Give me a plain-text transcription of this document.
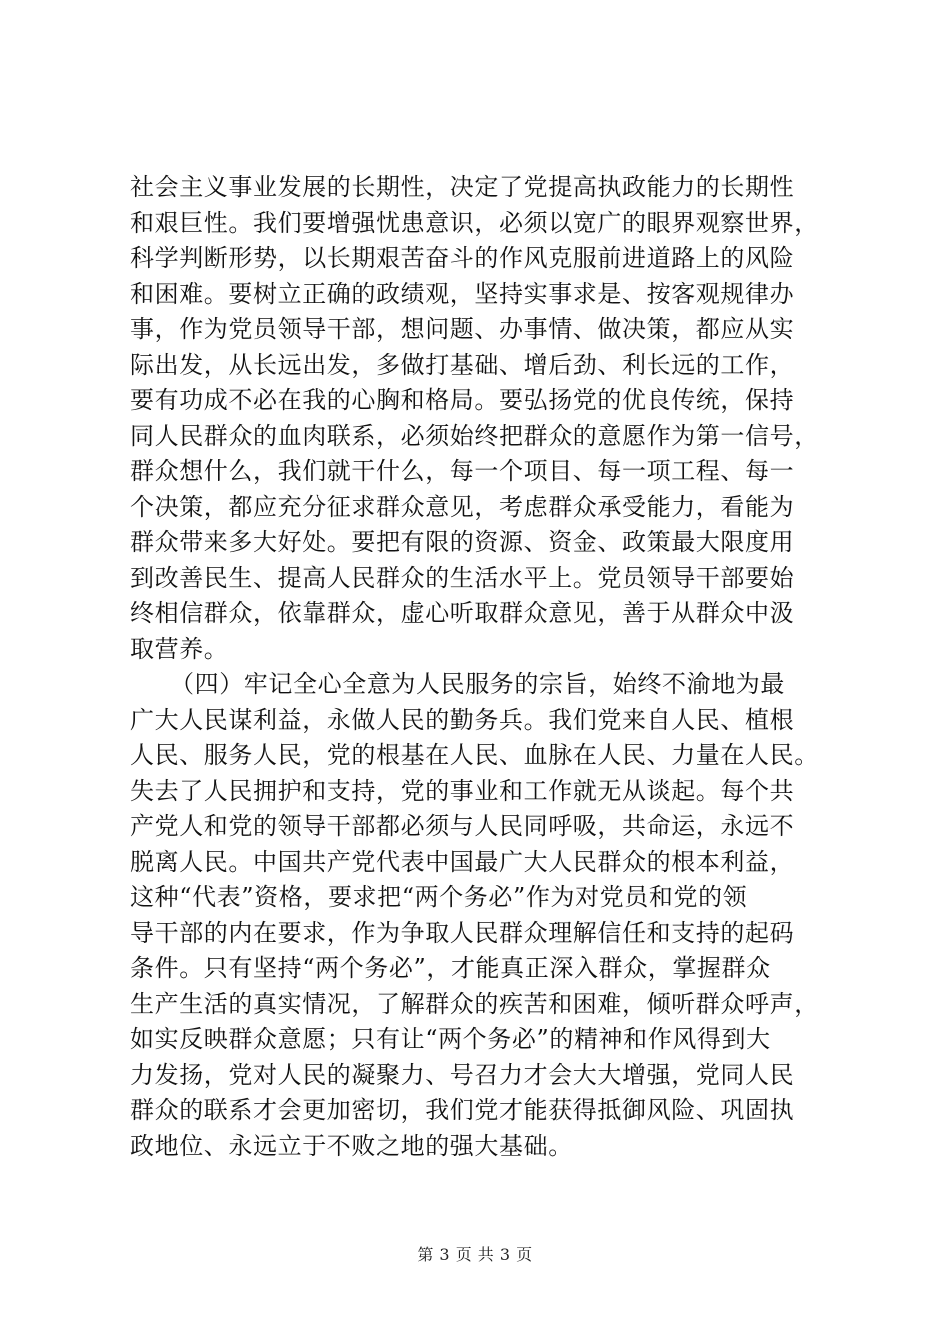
社会主义事业发展的长期性，决定了党提高执政能力的长期性
和艰巨性。我们要增强忧患意识，必须以宽广的眼界观察世界，
科学判断形势，以长期艰苦奋斗的作风克服前进道路上的风险
和困难。要树立正确的政绩观，坚持实事求是、按客观规律办
事，作为党员领导干部，想问题、办事情、做决策，都应从实
际出发，从长远出发，多做打基础、增后劲、利长远的工作，
要有功成不必在我的心胸和格局。要弘扬党的优良传统，保持
同人民群众的血肉联系，必须始终把群众的意愿作为第一信号，
群众想什么，我们就干什么，每一个项目、每一项工程、每一
个决策，都应充分征求群众意见，考虑群众承受能力，看能为
群众带来多大好处。要把有限的资源、资金、政策最大限度用
到改善民生、提高人民群众的生活水平上。党员领导干部要始
终相信群众，依靠群众，虚心听取群众意见，善于从群众中汲
取营养。
（四）牢记全心全意为人民服务的宗旨，始终不渝地为最
广大人民谋利益，永做人民的勤务兵。我们党来自人民、植根
人民、服务人民，党的根基在人民、血脉在人民、力量在人民。
失去了人民拥护和支持，党的事业和工作就无从谈起。每个共
产党人和党的领导干部都必须与人民同呼吸，共命运，永远不
脱离人民。中国共产党代表中国最广大人民群众的根本利益，
这种“代表”资格，要求把“两个务必”作为对党员和党的领
导干部的内在要求，作为争取人民群众理解信任和支持的起码
条件。只有坚持“两个务必”，才能真正深入群众，掌握群众
生产生活的真实情况，了解群众的疾苦和困难，倾听群众呼声，
如实反映群众意愿；只有让“两个务必”的精神和作风得到大
力发扬，党对人民的凝聚力、号召力才会大大增强，党同人民
群众的联系才会更加密切，我们党才能获得抵御风险、巩固执
政地位、永远立于不败之地的强大基础。
第 3 页 共 3 页
